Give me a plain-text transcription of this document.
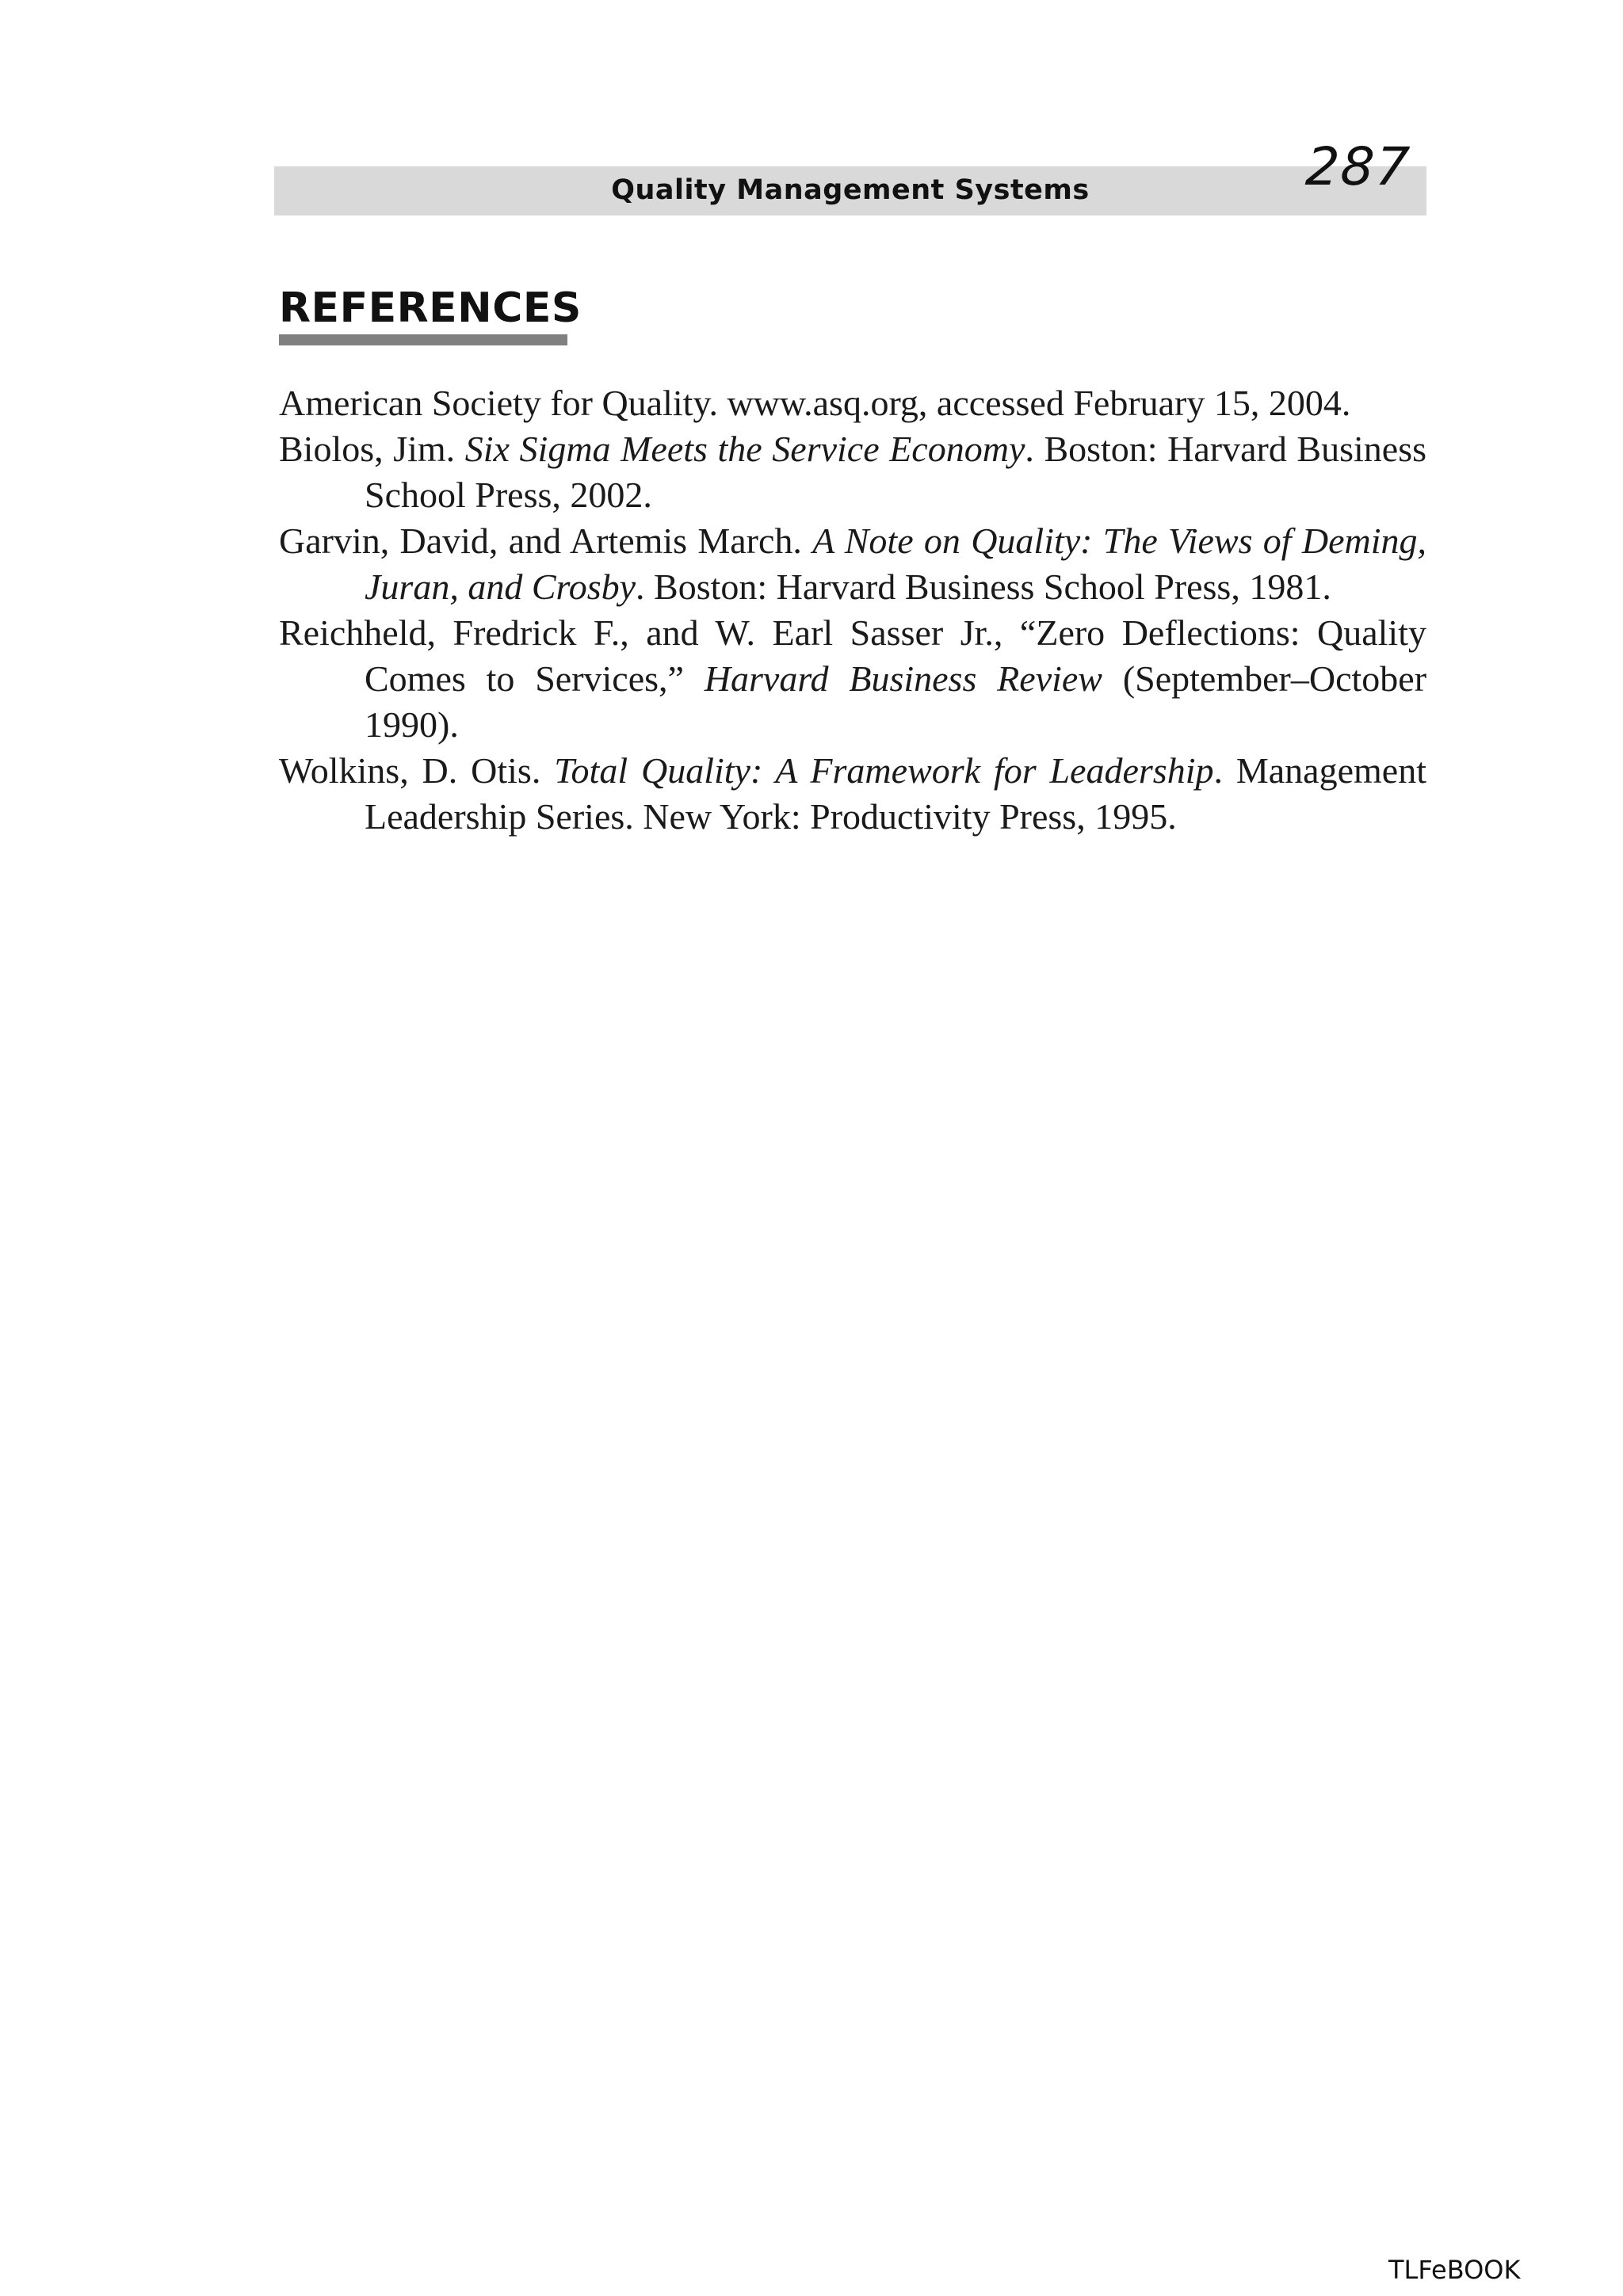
Quality Management Systems	287
REFERENCES
American Society for Quality. www.asq.org, accessed February 15, 2004.
Biolos, Jim. Six Sigma Meets the Service Economy. Boston: Harvard Business School Press, 2002.
Garvin, David, and Artemis March. A Note on Quality: The Views of Deming, Juran, and Crosby. Boston: Harvard Business School Press, 1981.
Reichheld, Fredrick F., and W. Earl Sasser Jr., “Zero Deflections: Quality Comes to Services,” Harvard Business Review (September–October 1990).
Wolkins, D. Otis. Total Quality: A Framework for Leadership. Management Leadership Series. New York: Productivity Press, 1995.
TLFeBOOK
